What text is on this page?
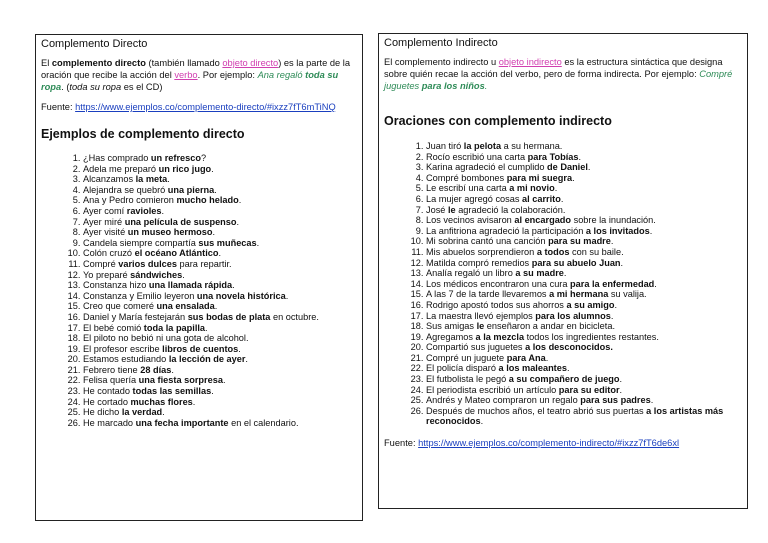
Complemento Directo
El complemento directo (también llamado objeto directo) es la parte de la oración que recibe la acción del verbo. Por ejemplo: Ana regaló toda su ropa. (toda su ropa es el CD)
Fuente: https://www.ejemplos.co/complemento-directo/#ixzz7fT6mTiNQ
Ejemplos de complemento directo
1. ¿Has comprado un refresco?
2. Adela me preparó un rico jugo.
3. Alcanzamos la meta.
4. Alejandra se quebró una pierna.
5. Ana y Pedro comieron mucho helado.
6. Ayer comí ravioles.
7. Ayer miré una película de suspenso.
8. Ayer visité un museo hermoso.
9. Candela siempre compartía sus muñecas.
10. Colón cruzó el océano Atlántico.
11. Compré varios dulces para repartir.
12. Yo preparé sándwiches.
13. Constanza hizo una llamada rápida.
14. Constanza y Emilio leyeron una novela histórica.
15. Creo que comeré una ensalada.
16. Daniel y María festejarán sus bodas de plata en octubre.
17. El bebé comió toda la papilla.
18. El piloto no bebió ni una gota de alcohol.
19. El profesor escribe libros de cuentos.
20. Estamos estudiando la lección de ayer.
21. Febrero tiene 28 días.
22. Felisa quería una fiesta sorpresa.
23. He contado todas las semillas.
24. He cortado muchas flores.
25. He dicho la verdad.
26. He marcado una fecha importante en el calendario.
Complemento Indirecto
El complemento indirecto u objeto indirecto es la estructura sintáctica que designa sobre quién recae la acción del verbo, pero de forma indirecta. Por ejemplo: Compré juguetes para los niños.
Oraciones con complemento indirecto
1. Juan tiró la pelota a su hermana.
2. Rocío escribió una carta para Tobías.
3. Karina agradeció el cumplido de Daniel.
4. Compré bombones para mi suegra.
5. Le escribí una carta a mi novio.
6. La mujer agregó cosas al carrito.
7. José le agradeció la colaboración.
8. Los vecinos avisaron al encargado sobre la inundación.
9. La anfitriona agradeció la participación a los invitados.
10. Mi sobrina cantó una canción para su madre.
11. Mis abuelos sorprendieron a todos con su baile.
12. Matilda compró remedios para su abuelo Juan.
13. Analía regaló un libro a su madre.
14. Los médicos encontraron una cura para la enfermedad.
15. A las 7 de la tarde llevaremos a mi hermana su valija.
16. Rodrigo apostó todos sus ahorros a su amigo.
17. La maestra llevó ejemplos para los alumnos.
18. Sus amigas le enseñaron a andar en bicicleta.
19. Agregamos a la mezcla todos los ingredientes restantes.
20. Compartió sus juguetes a los desconocidos.
21. Compré un juguete para Ana.
22. El policía disparó a los maleantes.
23. El futbolista le pegó a su compañero de juego.
24. El periodista escribió un artículo para su editor.
25. Andrés y Mateo compraron un regalo para sus padres.
26. Después de muchos años, el teatro abrió sus puertas a los artistas más reconocidos.
Fuente: https://www.ejemplos.co/complemento-indirecto/#ixzz7fT6de6xl
